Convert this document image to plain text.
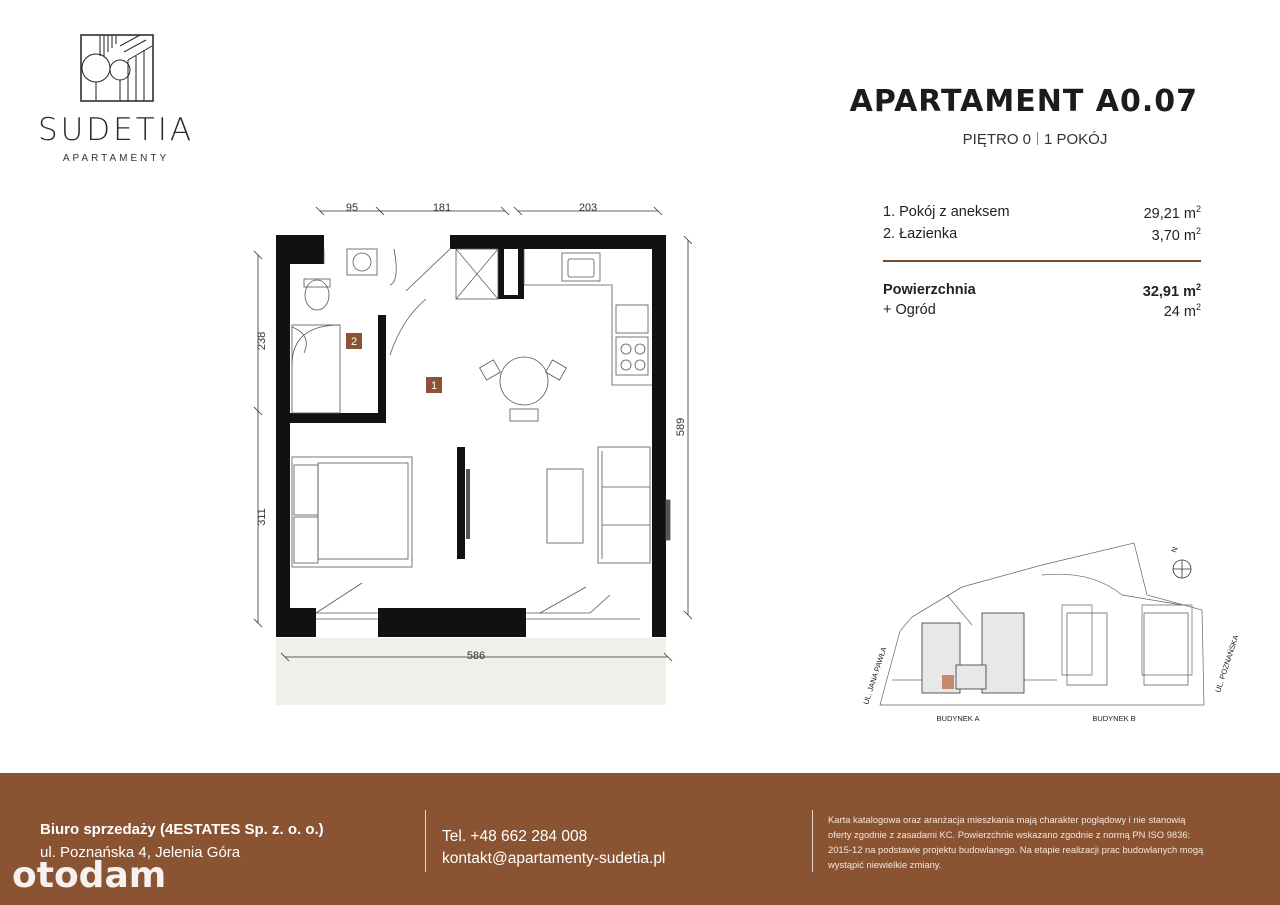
SUDETIA
APARTAMENTY
APARTAMENT A0.07
PIĘTRO 0 1 POKÓJ
1. Pokój z aneksem	29,21 $m^2$
2. Łazienka	3,70 $m^2$
Powierzchnia	32,91 $m^2$
+ Ogród	24 $m^2$
95	181	203
238
311
589
586
2
1
N
UL. JANA PAWŁA	UL. POZNAŃSKA
BUDYNEK A	BUDYNEK B
Biuro sprzedaży (4ESTATES Sp. z. o. o.)
ul. Poznańska 4, Jelenia Góra
Tel. +48 662 284 008
kontakt@apartamenty-sudetia.pl
Karta katalogowa oraz aranżacja mieszkania mają charakter poglądowy i nie stanowią oferty zgodnie z zasadami KC. Powierzchnie wskazano zgodnie z normą PN ISO 9836: 2015-12 na podstawie projektu budowlanego. Na etapie realizacji prac budowlanych mogą wystąpić niewielkie zmiany.
otodam
